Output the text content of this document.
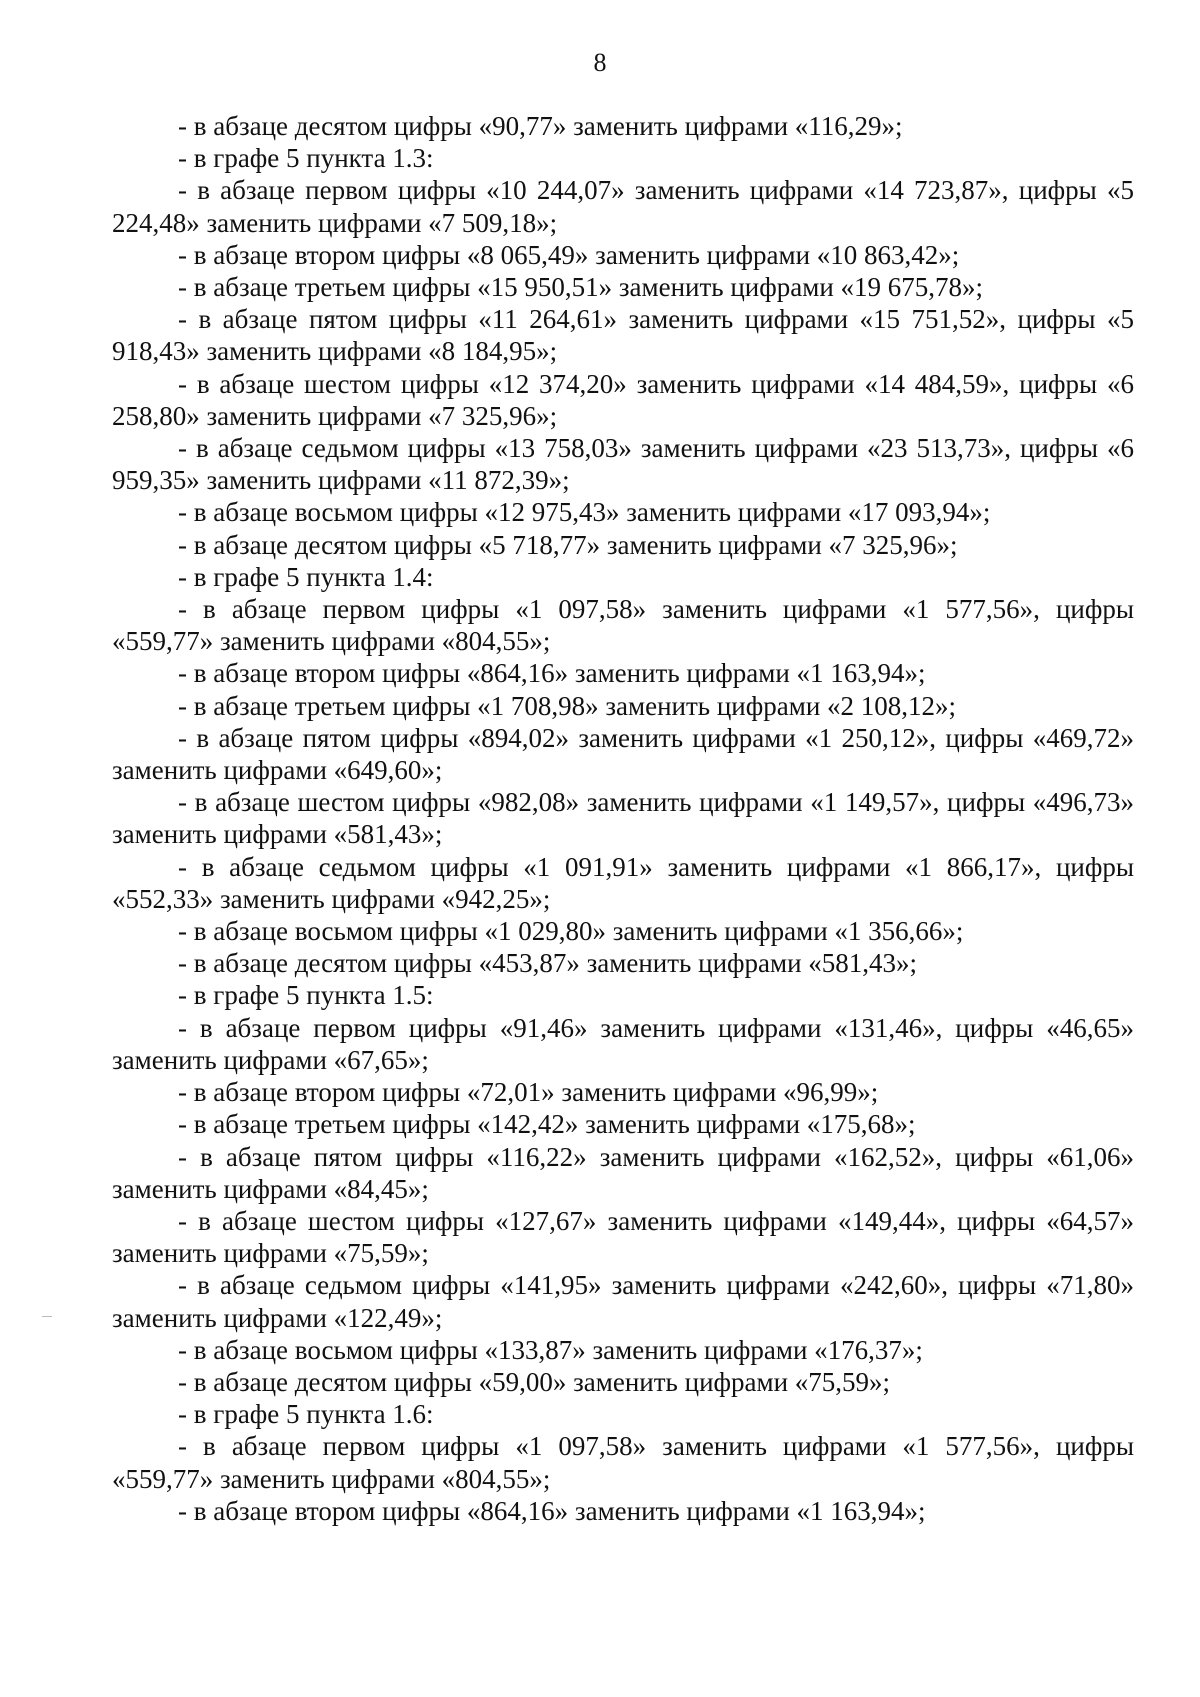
8

- в абзаце десятом цифры «90,77» заменить цифрами «116,29»;

- в графе 5 пункта 1.3:

- в абзаце первом цифры «10 244,07» заменить цифрами «14 723,87», цифры «5 224,48» заменить цифрами «7 509,18»;

- в абзаце втором цифры «8 065,49» заменить цифрами «10 863,42»;

- в абзаце третьем цифры «15 950,51» заменить цифрами «19 675,78»;

- в абзаце пятом цифры «11 264,61» заменить цифрами «15 751,52», цифры «5 918,43» заменить цифрами «8 184,95»;

- в абзаце шестом цифры «12 374,20» заменить цифрами «14 484,59», цифры «6 258,80» заменить цифрами «7 325,96»;

- в абзаце седьмом цифры «13 758,03» заменить цифрами «23 513,73», цифры «6 959,35» заменить цифрами «11 872,39»;

- в абзаце восьмом цифры «12 975,43» заменить цифрами «17 093,94»;

- в абзаце десятом цифры «5 718,77» заменить цифрами «7 325,96»;

- в графе 5 пункта 1.4:

- в абзаце первом цифры «1 097,58» заменить цифрами «1 577,56», цифры «559,77» заменить цифрами «804,55»;

- в абзаце втором цифры «864,16» заменить цифрами «1 163,94»;

- в абзаце третьем цифры «1 708,98» заменить цифрами «2 108,12»;

- в абзаце пятом цифры «894,02» заменить цифрами «1 250,12», цифры «469,72» заменить цифрами «649,60»;

- в абзаце шестом цифры «982,08» заменить цифрами «1 149,57», цифры «496,73» заменить цифрами «581,43»;

- в абзаце седьмом цифры «1 091,91» заменить цифрами «1 866,17», цифры «552,33» заменить цифрами «942,25»;

- в абзаце восьмом цифры «1 029,80» заменить цифрами «1 356,66»;

- в абзаце десятом цифры «453,87» заменить цифрами «581,43»;

- в графе 5 пункта 1.5:

- в абзаце первом цифры «91,46» заменить цифрами «131,46», цифры «46,65» заменить цифрами «67,65»;

- в абзаце втором цифры «72,01» заменить цифрами «96,99»;

- в абзаце третьем цифры «142,42» заменить цифрами «175,68»;

- в абзаце пятом цифры «116,22» заменить цифрами «162,52», цифры «61,06» заменить цифрами «84,45»;

- в абзаце шестом цифры «127,67» заменить цифрами «149,44», цифры «64,57» заменить цифрами «75,59»;

- в абзаце седьмом цифры «141,95» заменить цифрами «242,60», цифры «71,80» заменить цифрами «122,49»;

- в абзаце восьмом цифры «133,87» заменить цифрами «176,37»;

- в абзаце десятом цифры «59,00» заменить цифрами «75,59»;

- в графе 5 пункта 1.6:

- в абзаце первом цифры «1 097,58» заменить цифрами «1 577,56», цифры «559,77» заменить цифрами «804,55»;

- в абзаце втором цифры «864,16» заменить цифрами «1 163,94»;
